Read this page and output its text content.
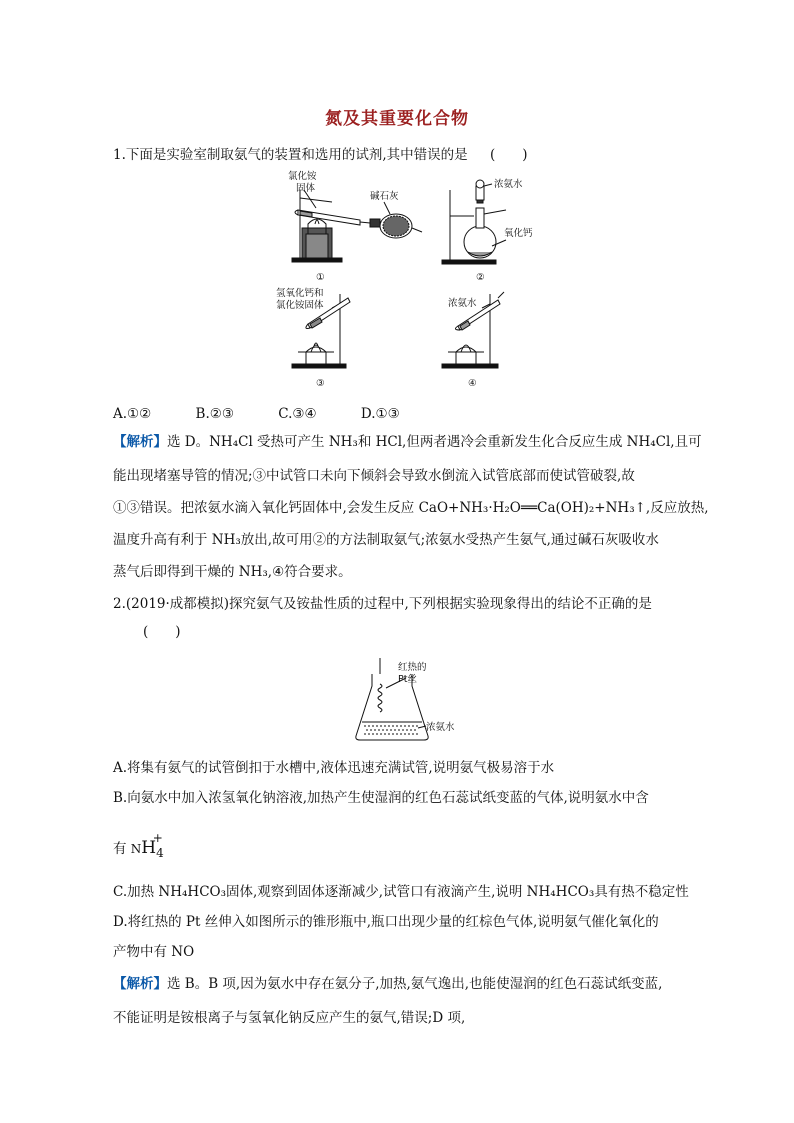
氮及其重要化合物
1.下面是实验室制取氨气的装置和选用的试剂,其中错误的是 (　　)
氯化铵
固体
碱石灰
①
浓氨水
氧化钙
②
氢氧化钙和
氯化铵固体
③
浓氨水
④
A.①②	B.②③	C.③④	D.①③
【解析】选 D。NH₄Cl 受热可产生 NH₃和 HCl,但两者遇冷会重新发生化合反应生成 NH₄Cl,且可
能出现堵塞导管的情况;③中试管口未向下倾斜会导致水倒流入试管底部而使试管破裂,故
①③错误。把浓氨水滴入氧化钙固体中,会发生反应 CaO+NH₃·H₂O══Ca(OH)₂+NH₃↑,反应放热,
温度升高有利于 NH₃放出,故可用②的方法制取氨气;浓氨水受热产生氨气,通过碱石灰吸收水
蒸气后即得到干燥的 NH₃,④符合要求。
2.(2019·成都模拟)探究氨气及铵盐性质的过程中,下列根据实验现象得出的结论不正确的是
(　　)
红热的
Pt丝
浓氨水
A.将集有氨气的试管倒扣于水槽中,液体迅速充满试管,说明氨气极易溶于水
B.向氨水中加入浓氢氧化钠溶液,加热产生使湿润的红色石蕊试纸变蓝的气体,说明氨水中含
有 $NH_4$
+
C.加热 NH₄HCO₃固体,观察到固体逐渐减少,试管口有液滴产生,说明 NH₄HCO₃具有热不稳定性
D.将红热的 Pt 丝伸入如图所示的锥形瓶中,瓶口出现少量的红棕色气体,说明氨气催化氧化的
产物中有 NO
【解析】选 B。B 项,因为氨水中存在氨分子,加热,氨气逸出,也能使湿润的红色石蕊试纸变蓝,
不能证明是铵根离子与氢氧化钠反应产生的氨气,错误;D 项,
